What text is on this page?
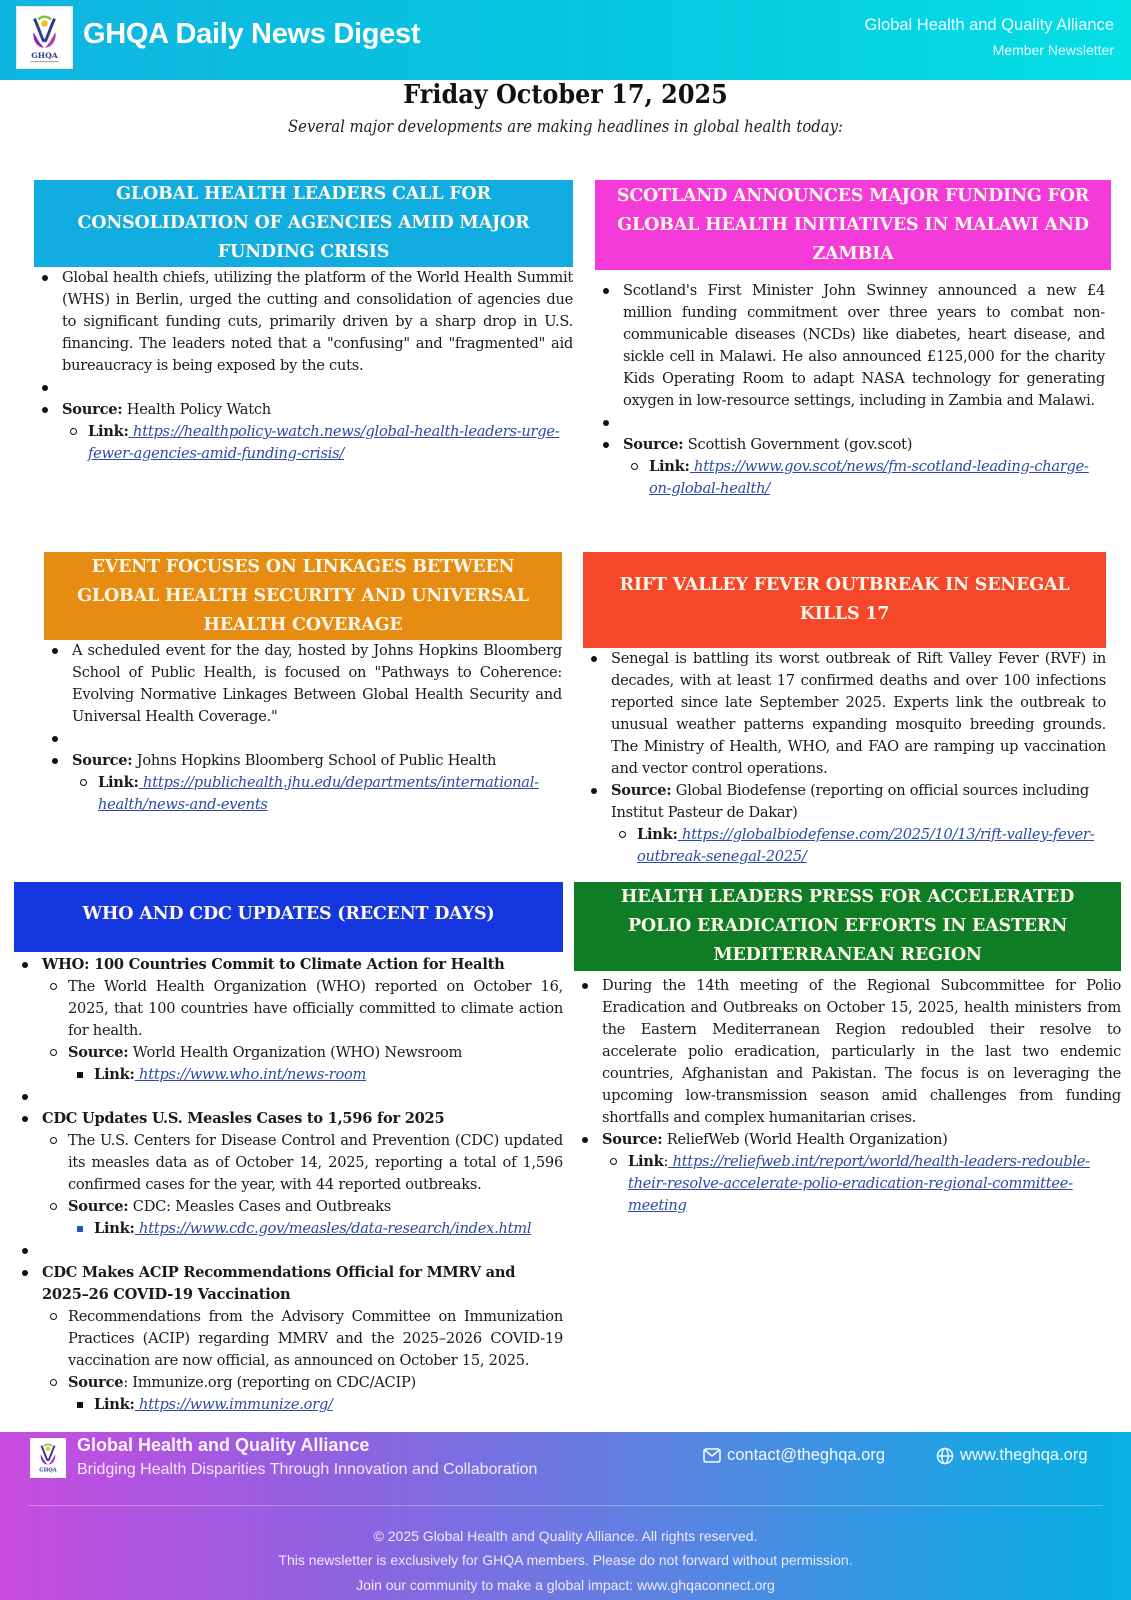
GHQA
GHQA Daily News Digest	Global Health and Quality Alliance
Member Newsletter
Friday October 17, 2025
Several major developments are making headlines in global health today:
GLOBAL HEALTH LEADERS CALL FOR CONSOLIDATION OF AGENCIES AMID MAJOR FUNDING CRISIS
Global health chiefs, utilizing the platform of the World Health Summit (WHS) in Berlin, urged the cutting and consolidation of agencies due to significant funding cuts, primarily driven by a sharp drop in U.S. financing. The leaders noted that a "confusing" and "fragmented" aid bureaucracy is being exposed by the cuts.
Source: Health Policy Watch
Link: https://healthpolicy-watch.news/global-health-leaders-urge-fewer-agencies-amid-funding-crisis/
SCOTLAND ANNOUNCES MAJOR FUNDING FOR GLOBAL HEALTH INITIATIVES IN MALAWI AND ZAMBIA
Scotland's First Minister John Swinney announced a new £4 million funding commitment over three years to combat non-communicable diseases (NCDs) like diabetes, heart disease, and sickle cell in Malawi. He also announced £125,000 for the charity Kids Operating Room to adapt NASA technology for generating oxygen in low-resource settings, including in Zambia and Malawi.
Source: Scottish Government (gov.scot)
Link: https://www.gov.scot/news/fm-scotland-leading-charge-on-global-health/
EVENT FOCUSES ON LINKAGES BETWEEN GLOBAL HEALTH SECURITY AND UNIVERSAL HEALTH COVERAGE
A scheduled event for the day, hosted by Johns Hopkins Bloomberg School of Public Health, is focused on "Pathways to Coherence: Evolving Normative Linkages Between Global Health Security and Universal Health Coverage."
Source: Johns Hopkins Bloomberg School of Public Health
Link: https://publichealth.jhu.edu/departments/international-health/news-and-events
RIFT VALLEY FEVER OUTBREAK IN SENEGAL KILLS 17
Senegal is battling its worst outbreak of Rift Valley Fever (RVF) in decades, with at least 17 confirmed deaths and over 100 infections reported since late September 2025. Experts link the outbreak to unusual weather patterns expanding mosquito breeding grounds. The Ministry of Health, WHO, and FAO are ramping up vaccination and vector control operations.
Source: Global Biodefense (reporting on official sources including Institut Pasteur de Dakar)
Link: https://globalbiodefense.com/2025/10/13/rift-valley-fever-outbreak-senegal-2025/
WHO AND CDC UPDATES (RECENT DAYS)
WHO: 100 Countries Commit to Climate Action for Health
The World Health Organization (WHO) reported on October 16, 2025, that 100 countries have officially committed to climate action for health.
Source: World Health Organization (WHO) Newsroom
Link: https://www.who.int/news-room
CDC Updates U.S. Measles Cases to 1,596 for 2025
The U.S. Centers for Disease Control and Prevention (CDC) updated its measles data as of October 14, 2025, reporting a total of 1,596 confirmed cases for the year, with 44 reported outbreaks.
Source: CDC: Measles Cases and Outbreaks
Link: https://www.cdc.gov/measles/data-research/index.html
CDC Makes ACIP Recommendations Official for MMRV and 2025–26 COVID-19 Vaccination
Recommendations from the Advisory Committee on Immunization Practices (ACIP) regarding MMRV and the 2025–2026 COVID-19 vaccination are now official, as announced on October 15, 2025.
Source: Immunize.org (reporting on CDC/ACIP)
Link: https://www.immunize.org/
HEALTH LEADERS PRESS FOR ACCELERATED POLIO ERADICATION EFFORTS IN EASTERN MEDITERRANEAN REGION
During the 14th meeting of the Regional Subcommittee for Polio Eradication and Outbreaks on October 15, 2025, health ministers from the Eastern Mediterranean Region redoubled their resolve to accelerate polio eradication, particularly in the last two endemic countries, Afghanistan and Pakistan. The focus is on leveraging the upcoming low-transmission season amid challenges from funding shortfalls and complex humanitarian crises.
Source: ReliefWeb (World Health Organization)
Link: https://reliefweb.int/report/world/health-leaders-redouble-their-resolve-accelerate-polio-eradication-regional-committee-meeting
GHQA
Global Health and Quality Alliance
Bridging Health Disparities Through Innovation and Collaboration
contact@theghqa.org	www.theghqa.org
© 2025 Global Health and Quality Alliance. All rights reserved.
This newsletter is exclusively for GHQA members. Please do not forward without permission.
Join our community to make a global impact: www.ghqaconnect.org
